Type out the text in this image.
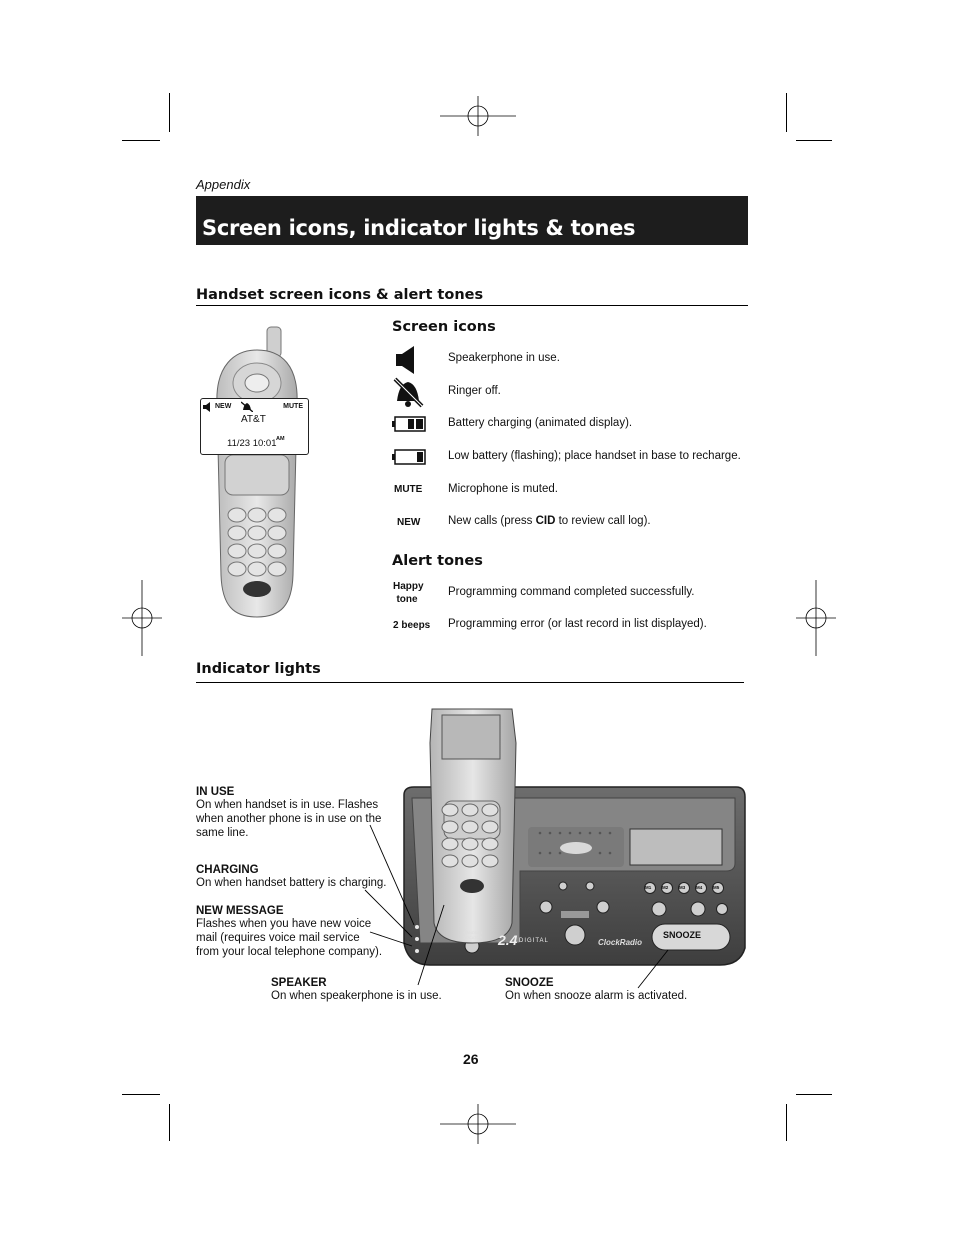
Appendix
Screen icons, indicator lights & tones
Handset screen icons & alert tones
NEW	MUTE
AT&T
11/23 10:01 AM
Screen icons
Speakerphone in use.
Ringer off.
Battery charging (animated display).
Low battery (flashing); place handset in base to recharge.
MUTE Microphone is muted.
NEW New calls (press CID to review call log).
Alert tones
Happy
tone
Programming command completed successfully.
2 beeps Programming error (or last record in list displayed).
Indicator lights
SNOOZE
2.4 DIGITAL	ClockRadio
HANDSET LOCATOR
M1 M2 M3 M4 M5
IN USE
On when handset is in use. Flashes
when another phone is in use on the
same line.
CHARGING
On when handset battery is charging.
NEW MESSAGE
Flashes when you have new voice
mail (requires voice mail service
from your local telephone company).
SPEAKER
On when speakerphone is in use.
SNOOZE
On when snooze alarm is activated.
26
